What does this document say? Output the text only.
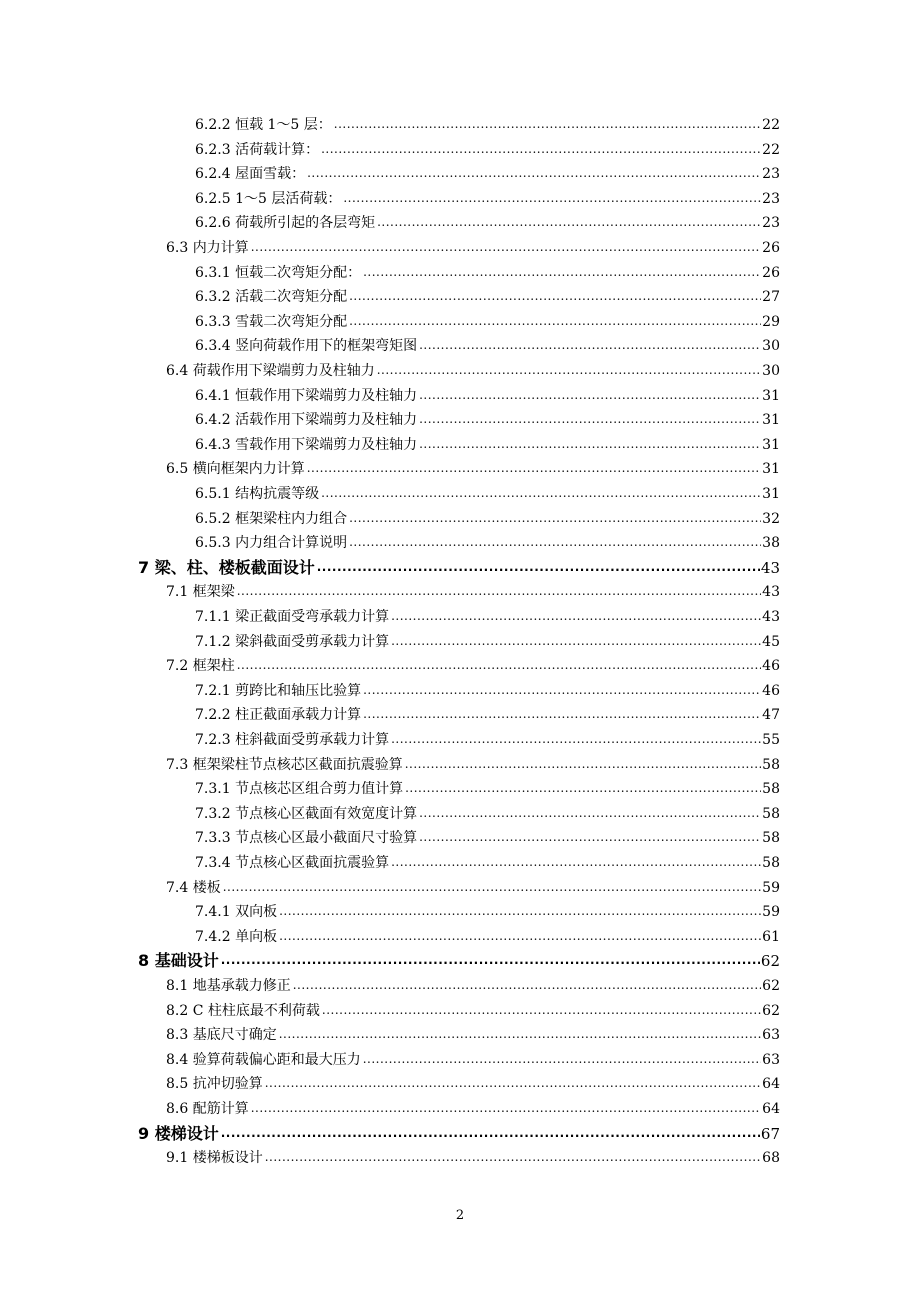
6.2.2 恒载 1～5 层： .....	22
6.2.3 活荷载计算： .....	22
6.2.4 屋面雪载： .....	23
6.2.5 1～5 层活荷载： .....	23
6.2.6 荷载所引起的各层弯矩 .....	23
6.3 内力计算 .....	26
6.3.1 恒载二次弯矩分配： .....	26
6.3.2 活载二次弯矩分配 .....	27
6.3.3 雪载二次弯矩分配 .....	29
6.3.4 竖向荷载作用下的框架弯矩图 .....	30
6.4 荷载作用下梁端剪力及柱轴力 .....	30
6.4.1 恒载作用下梁端剪力及柱轴力 .....	31
6.4.2 活载作用下梁端剪力及柱轴力 .....	31
6.4.3 雪载作用下梁端剪力及柱轴力 .....	31
6.5 横向框架内力计算 .....	31
6.5.1 结构抗震等级 .....	31
6.5.2 框架梁柱内力组合 .....	32
6.5.3 内力组合计算说明 .....	38
7 梁、柱、楼板截面设计 .....	43
7.1 框架梁 .....	43
7.1.1 梁正截面受弯承载力计算 .....	43
7.1.2 梁斜截面受剪承载力计算 .....	45
7.2 框架柱 .....	46
7.2.1 剪跨比和轴压比验算 .....	46
7.2.2 柱正截面承载力计算 .....	47
7.2.3 柱斜截面受剪承载力计算 .....	55
7.3 框架梁柱节点核芯区截面抗震验算 .....	58
7.3.1 节点核芯区组合剪力值计算 .....	58
7.3.2 节点核心区截面有效宽度计算 .....	58
7.3.3 节点核心区最小截面尺寸验算 .....	58
7.3.4 节点核心区截面抗震验算 .....	58
7.4 楼板 .....	59
7.4.1 双向板 .....	59
7.4.2 单向板 .....	61
8 基础设计 .....	62
8.1 地基承载力修正 .....	62
8.2 C 柱柱底最不利荷载 .....	62
8.3 基底尺寸确定 .....	63
8.4 验算荷载偏心距和最大压力 .....	63
8.5 抗冲切验算 .....	64
8.6 配筋计算 .....	64
9 楼梯设计 .....	67
9.1 楼梯板设计 .....	68
2
